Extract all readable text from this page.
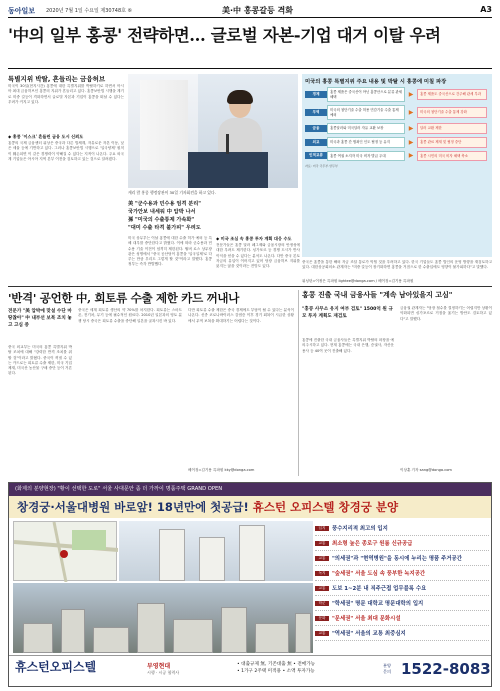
동아일보 2020년 7월 1일 수요일 제30748호 ⑥	美·中 홍콩갈등 격화	A3
'中의 일부 홍콩' 전략하면… 글로벌 자본-기업 대거 이탈 우려
특별지위 박탈, 흔들리는 금융허브
미국이 30일(현지시간) 홍콩에 대한 특별지위를 박탈하기로 하면서 아시아 최대 금융허브인 홍콩의 지위가 흔들리고 있다. 홍콩보안법 시행을 계기로 미중 갈등이 격화하면서 글로벌 자본과 기업이 홍콩을 떠날 수 있다는 우려가 커지고 있다.
◆ 홍콩 '이스크' 흔들린 금융 도시 신뢰도
홍콩의 국제 금융센터 위상은 중국과 다른 법체계, 자유로운 자본 이동, 낮은 세율 등에 기반하고 있다. 그러나 홍콩보안법 시행으로 '일국양제' 원칙이 훼손되면 이 같은 경쟁력이 약해질 수 있다는 지적이 나온다. 주요 외국계 기업들은 아시아 지역 본부 이전을 검토하고 있는 것으로 알려졌다.
캐리 람 홍콩 행정장관이 30일 기자회견을 하고 있다.
美 "군수용과 민수용 엄격 분리"
국가안보 내세워 中 압박 나서
孫 "미국의 수출통제 가속화"
"대미 수출 타격 불가피" 우려도
미국 상무부는 이날 홍콩에 대한 수출 허가 예외 등 특혜 대우를 중단한다고 밝혔다. 이에 따라 군수용과 민수용 기술 이전이 엄격히 제한된다. 윌버 로스 상무장관은 성명에서 "중국 공산당이 홍콩을 '일국일제'로 다루는 만큼 우리도 그렇게 할 것"이라고 말했다. 홍콩 정부는 즉각 반발했다.
◆ 미국 조심 속 홍콩 투자 계획 대응 수도
전문가들은 홍콩 달러 페그제와 금융시장의 안정성에 대한 우려도 제기한다. 싱가포르 등 경쟁 도시가 반사이익을 얻을 수 있다는 분석도 나온다. 다만 중국 본토 자금의 유입이 이어지고 있어 당장 금융허브 지위를 잃지는 않을 것이라는 전망도 있다.
미국의 홍콩 특별지위 주요 내용 및 박탈 시 홍콩에 미칠 파장
경제
홍콩 제품은 중국산이 아닌 홍콩산으로 분류 관세 혜택	▶	홍콩 제품도 중국산으로 간주해 관세 부과
무역
미국의 첨단기술 수출 허용 민감기술 수출 통제 예외	▶	미국의 첨단기술 수출 통제 강화
금융	홍콩달러와 미국달러 자유 교환 보장	▶	달러 교환 제한
외교	미국과 홍콩 간 범죄인 인도 협정 등 유지	▶	홍콩 관료 제재 및 협정 중단
인적교류	홍콩 여권 소지자 미국 비자 발급 우대	▶	홍콩 시민의 미국 비자 혜택 축소
자료: 미국 국무부·상무부
중국은 홍콩을 통한 해외 자금 조달 통로가 막힐 것을 우려하고 있다. 한국 기업들도 홍콩 법인의 운영 방향을 재검토하고 있다. 대한상공회의소 관계자는 "미중 갈등이 장기화하면 홍콩을 거점으로 한 수출입에도 영향이 불가피하다"고 말했다.
워싱턴=이정은 특파원 lightee@donga.com / 베이징=김기용 특파원
'반격' 공언한 中, 희토류 수출 제한 카드 꺼내나
전문가 "美 압박에 맞설 수단 마땅찮아" 中 내부선 보복 조치 놓고 고심 중
중국 외교부는 미국의 홍콩 특별지위 박탈 조치에 대해 "강력한 반격 조치를 취할 것"이라고 밝혔다. 중국이 꺼낼 수 있는 카드로는 희토류 수출 제한, 미국 기업 제재, 미국산 농산물 구매 중단 등이 거론된다.
중국은 세계 희토류 생산의 약 70%를 차지한다. 희토류는 스마트폰, 전기차, 무기 등에 필수적인 원료다. 2010년 일본과의 영토 분쟁 당시 중국은 희토류 수출을 중단해 일본을 굴복시킨 바 있다.
다만 희토류 수출 제한은 중국 경제에도 부담이 될 수 있다는 분석이 나온다. 신종 코로나바이러스 감염증 이후 경기 회복이 시급한 상황에서 무역 보복을 확대하기는 어렵다는 것이다.
베이징=김기용 특파원 kky@donga.com
홍콩 진출 국내 금융사들 "계속 남아있을지 고심"
"홍콩 사무소 유지 여부 검토" 1500억 원 규모 투자 계획도 재검토
홍콩에 진출한 국내 금융사들은 특별지위 박탈의 파장을 예의주시하고 있다. 현재 홍콩에는 국내 은행, 증권사, 자산운용사 등 40여 곳이 진출해 있다.
금융권 관계자는 "당장 철수를 결정하기는 어렵지만 상황이 악화되면 싱가포르로 거점을 옮기는 방안도 검토하고 있다"고 말했다.
이상훈 기자 sang@donga.com
(화제의 분양현장) "황이 선택한 도로" 서울 사대문안 좀 더 가까이 명품주택 GRAND OPEN
창경궁·서울대병원 바로앞! 18년만에 첫공급! 휴스턴 오피스텔 창경궁 분양
입지	풍수지리적 최고의 입지
교통	최소형 높은 종로구 원룸 신규공급
교통	"의세권"과 "현역병원"을 동시에 누리는 명품 주거공간
녹지	"숲세권" 서울 도심 속 풍부한 녹지공간
교통	도보 1~2분 내 직주근접 업무블록 수요
학군	"학세권" 명문 대학교 명문대학의 입지
문화	"문세권" 서울 최대 문화시설
교통	"역세권" 서울의 교통 최중심지
휴스턴오피스텔	부영현대
시행 · 시공 협력사
• 대출규제 無, 기존대출 無 • 전매가능
• 1가구 2주택 미적용 • 소액 투자가능
분양
문의 1522-8083
